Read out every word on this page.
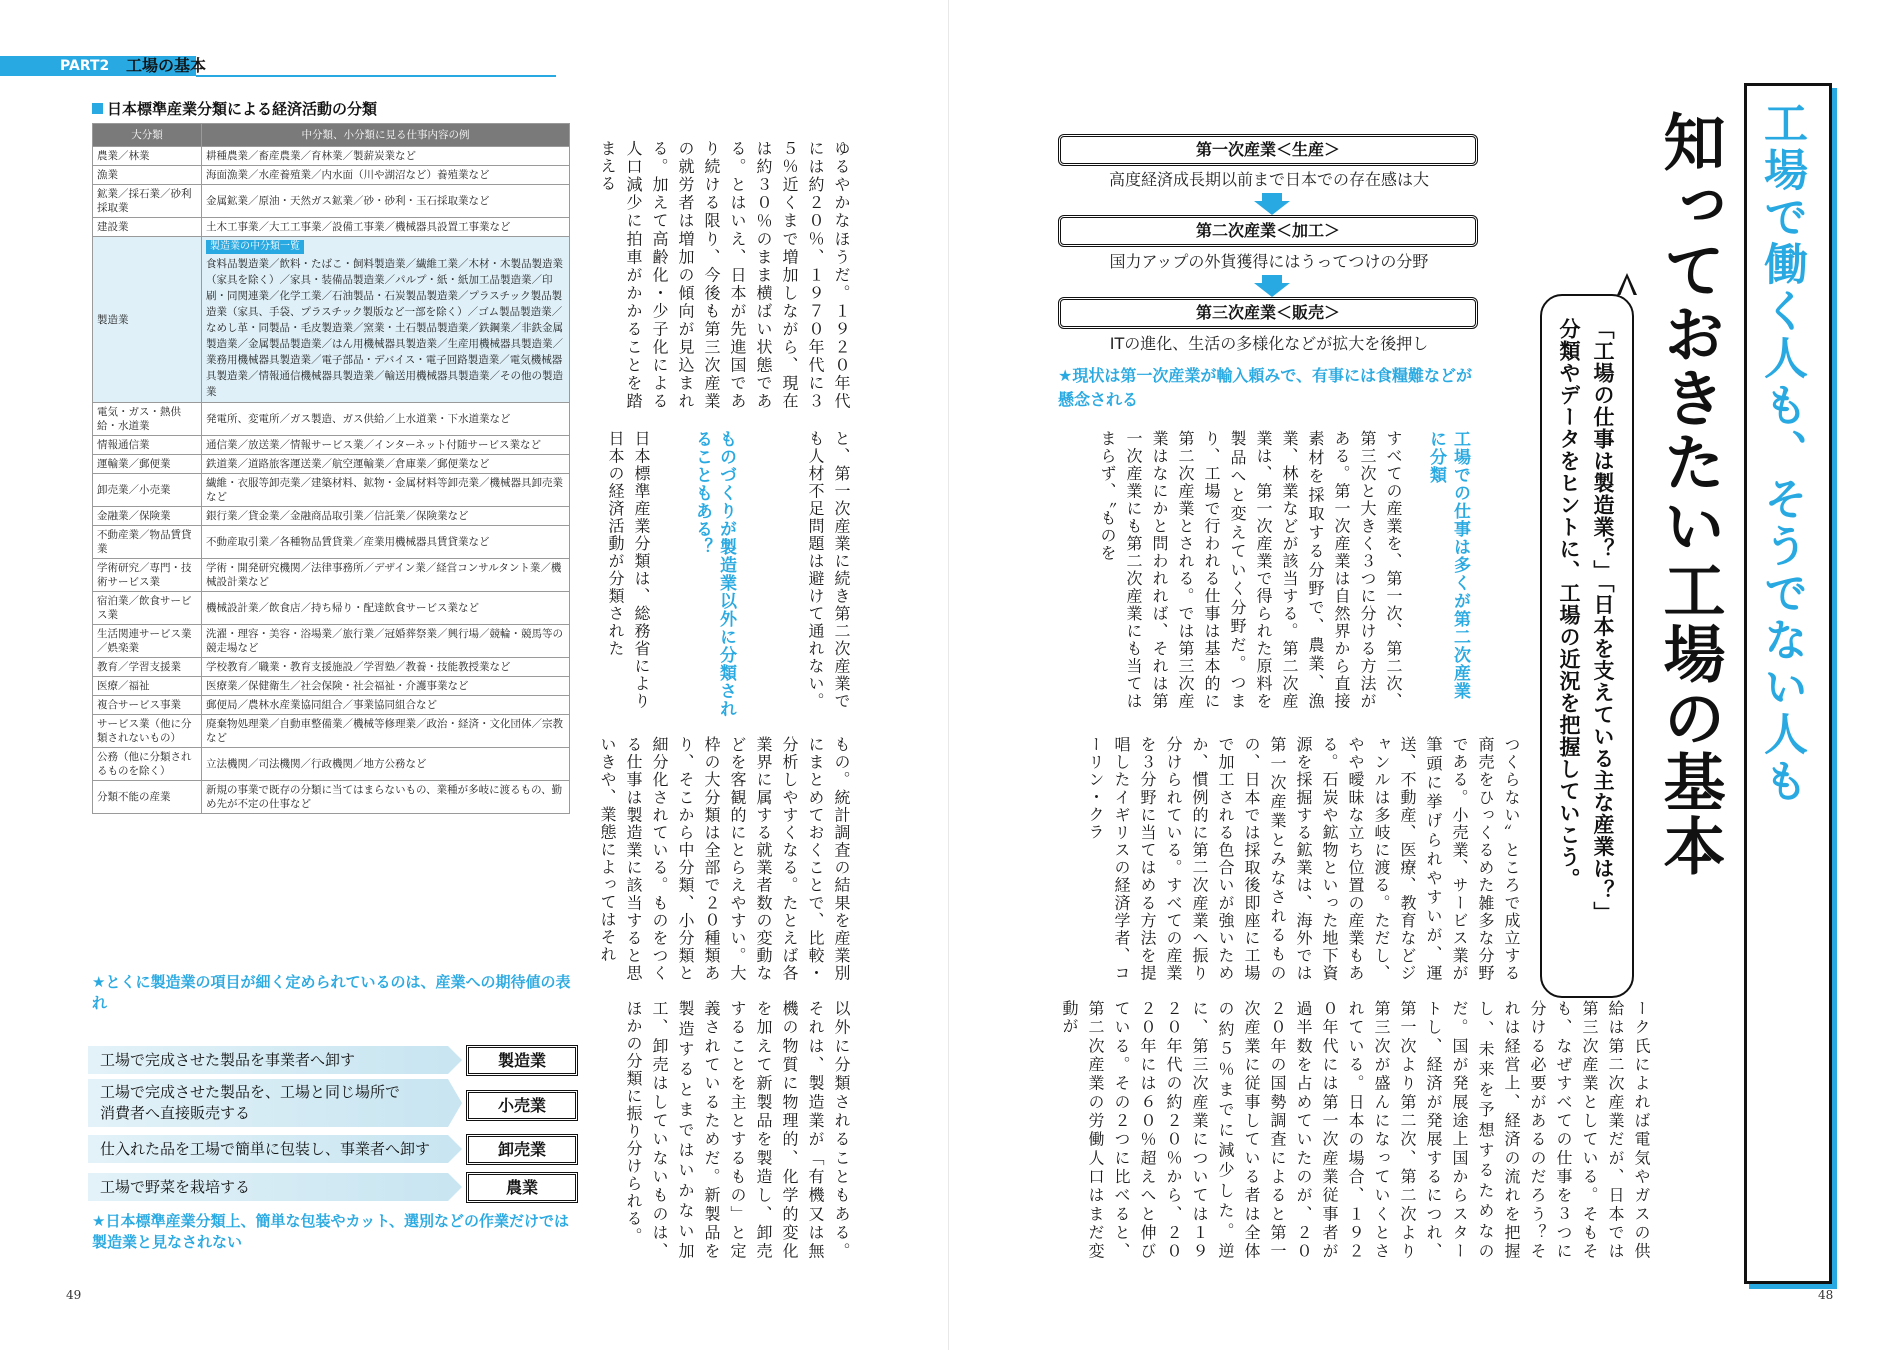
PART2 工場の基本
日本標準産業分類による経済活動の分類
大分類	中分類、小分類に見る仕事内容の例
農業／林業	耕種農業／畜産農業／育林業／製薪炭業など
漁業	海面漁業／水産養殖業／内水面（川や湖沼など）養殖業など
鉱業／採石業／砂利採取業	金属鉱業／原油・天然ガス鉱業／砂・砂利・玉石採取業など
建設業	土木工事業／大工工事業／設備工事業／機械器具設置工事業など
製造業	製造業の中分類一覧
食料品製造業／飲料・たばこ・飼料製造業／繊維工業／木材・木製品製造業（家具を除く）／家具・装備品製造業／パルプ・紙・紙加工品製造業／印刷・同関連業／化学工業／石油製品・石炭製品製造業／プラスチック製品製造業（家具、手袋、プラスチック製版など一部を除く）／ゴム製品製造業／なめし革・同製品・毛皮製造業／窯業・土石製品製造業／鉄鋼業／非鉄金属製造業／金属製品製造業／はん用機械器具製造業／生産用機械器具製造業／業務用機械器具製造業／電子部品・デバイス・電子回路製造業／電気機械器具製造業／情報通信機械器具製造業／輸送用機械器具製造業／その他の製造業

電気・ガス・熱供給・水道業	発電所、変電所／ガス製造、ガス供給／上水道業・下水道業など
情報通信業	通信業／放送業／情報サービス業／インターネット付随サービス業など
運輸業／郵便業	鉄道業／道路旅客運送業／航空運輸業／倉庫業／郵便業など
卸売業／小売業	繊維・衣服等卸売業／建築材料、鉱物・金属材料等卸売業／機械器具卸売業など
金融業／保険業	銀行業／貸金業／金融商品取引業／信託業／保険業など
不動産業／物品賃貸業	不動産取引業／各種物品賃貸業／産業用機械器具賃貸業など
学術研究／専門・技術サービス業	学術・開発研究機関／法律事務所／デザイン業／経営コンサルタント業／機械設計業など
宿泊業／飲食サービス業	機械設計業／飲食店／持ち帰り・配達飲食サービス業など
生活関連サービス業／娯楽業	洗濯・理容・美容・浴場業／旅行業／冠婚葬祭業／興行場／競輪・競馬等の競走場など
教育／学習支援業	学校教育／職業・教育支援施設／学習塾／教養・技能教授業など
医療／福祉	医療業／保健衛生／社会保険・社会福祉・介護事業など
複合サービス事業	郵便局／農林水産業協同組合／事業協同組合など
サービス業（他に分類されないもの）	廃棄物処理業／自動車整備業／機械等修理業／政治・経済・文化団体／宗教など
公務（他に分類されるものを除く）	立法機関／司法機関／行政機関／地方公務など
分類不能の産業	新規の事業で既存の分類に当てはまらないもの、業種が多岐に渡るもの、勤め先が不定の仕事など
★とくに製造業の項目が細く定められているのは、産業への期待値の表れ
工場で完成させた製品を事業者へ卸す	製造業
工場で完成させた製品を、工場と同じ場所で
消費者へ直接販売する	小売業
仕入れた品を工場で簡単に包装し、事業者へ卸す	卸売業
工場で野菜を栽培する	農業
★日本標準産業分類上、簡単な包装やカット、選別などの作業だけでは製造業と見なされない
ゆるやかなほうだ。１９２０年代には約２０％、１９７０年代に３５％近くまで増加しながら、現在は約３０％のまま横ばい状態である。とはいえ、日本が先進国であり続ける限り、今後も第三次産業の就労者は増加の傾向が見込まれる。加えて高齢化・少子化による人口減少に拍車がかかることを踏まえる
と、第一次産業に続き第二次産業でも人材不足問題は避けて通れない。
ものづくりが製造業以外に分類されることもある？
日本標準産業分類は、総務省により日本の経済活動が分類された
もの。統計調査の結果を産業別にまとめておくことで、比較・分析しやすくなる。たとえば各業界に属する就業者数の変動などを客観的にとらえやすい。大枠の大分類は全部で２０種類あり、そこから中分類、小分類と細分化されている。ものをつくる仕事は製造業に該当すると思いきや、業態によってはそれ
以外に分類されることもある。それは、製造業が「有機又は無機の物質に物理的、化学的変化を加えて新製品を製造し、卸売することを主とするもの」と定義されているためだ。新製品を製造するとまではいかない加工、卸売はしていないものは、ほかの分類に振り分けられる。
第一次産業＜生産＞
高度経済成長期以前まで日本での存在感は大
第二次産業＜加工＞
国力アップの外貨獲得にはうってつけの分野
第三次産業＜販売＞
ITの進化、生活の多様化などが拡大を後押し
★現状は第一次産業が輸入頼みで、有事には食糧難などが懸念される
工場での仕事は多くが第二次産業に分類
すべての産業を、第一次、第二次、第三次と大きく３つに分ける方法がある。第一次産業は自然界から直接素材を採取する分野で、農業、漁業、林業などが該当する。第二次産業は、第一次産業で得られた原料を製品へと変えていく分野だ。つまり、工場で行われる仕事は基本的に第二次産業とされる。では第三次産業はなにかと問われれば、それは第一次産業にも第二次産業にも当てはまらず、〝ものを
つくらない〟ところで成立する商売をひっくるめた雑多な分野である。小売業、サービス業が筆頭に挙げられやすいが、運送、不動産、医療、教育などジャンルは多岐に渡る。ただし、やや曖昧な立ち位置の産業もある。石炭や鉱物といった地下資源を採掘する鉱業は、海外では第一次産業とみなされるものの、日本では採取後即座に工場で加工される色合いが強いためか、慣例的に第二次産業へ振り分けられている。すべての産業を３分野に当てはめる方法を提唱したイギリスの経済学者、コーリン・クラ
ーク氏によれば電気やガスの供給は第二次産業だが、日本では第三次産業としている。そもそも、なぜすべての仕事を３つに分ける必要があるのだろう？それは経営上、経済の流れを把握し、未来を予想するためなのだ。国が発展途上国からスタートし、経済が発展するにつれ、第一次より第二次、第二次より第三次が盛んになっていくとされている。日本の場合、１９２０年代には第一次産業従事者が過半数を占めていたのが、２０２０年の国勢調査によると第一次産業に従事している者は全体の約５％までに減少した。逆に、第三次産業については１９２０年代の約２０％から、２０２０年には６０％超えへと伸びている。その２つに比べると、第二次産業の労働人口はまだ変動が
工場で働く人も、そうでない人も
知っておきたい工場の基本
「工場の仕事は製造業？」「日本を支えている主な産業は？」
分類やデータをヒントに、工場の近況を把握していこう。
49	48
